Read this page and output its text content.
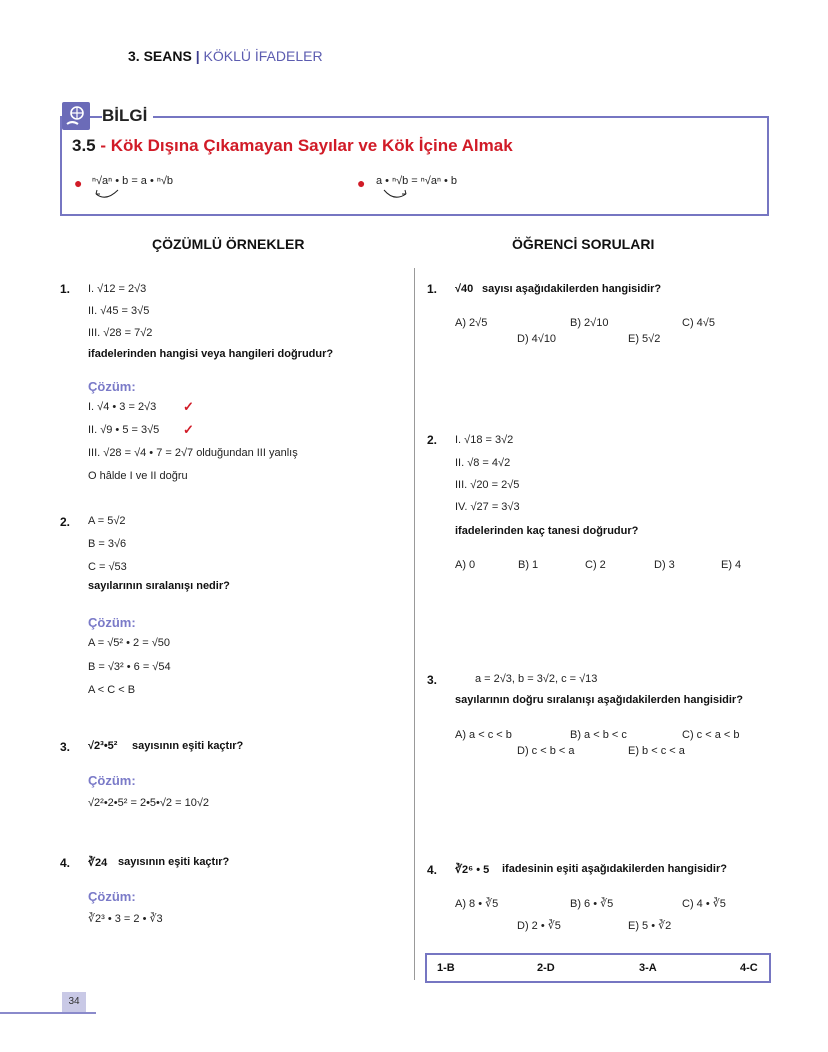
3. SEANS | KÖKLÜ İFADELER
BİLGİ
3.5 - Kök Dışına Çıkamayan Sayılar ve Kök İçine Almak
● ⁿ√aⁿ • b = a • ⁿ√b	● a • ⁿ√b = ⁿ√aⁿ • b
ÇÖZÜMLÜ ÖRNEKLER	ÖĞRENCİ SORULARI
1. I. √12 = 2√3
II. √45 = 3√5
III. √28 = 7√2
ifadelerinden hangisi veya hangileri doğrudur?
Çözüm:
I. √4 • 3 = 2√3 ✓
II. √9 • 5 = 3√5 ✓
III. √28 = √4 • 7 = 2√7 olduğundan III yanlış
O hâlde I ve II doğru
2. A = 5√2
B = 3√6
C = √53
sayılarının sıralanışı nedir?
Çözüm:
A = √5² • 2 = √50
B = √3² • 6 = √54
A < C < B
3. √2³•5² sayısının eşiti kaçtır?
Çözüm:
√2²•2•5² = 2•5•√2 = 10√2
4. ∛24 sayısının eşiti kaçtır?
Çözüm:
∛2³ • 3 = 2 • ∛3
1. √40 sayısı aşağıdakilerden hangisidir?
A) 2√5	B) 2√10	C) 4√5
D) 4√10	E) 5√2
2. I. √18 = 3√2
II. √8 = 4√2
III. √20 = 2√5
IV. √27 = 3√3
ifadelerinden kaç tanesi doğrudur?
A) 0	B) 1	C) 2	D) 3	E) 4
3.	a = 2√3, b = 3√2, c = √13
sayılarının doğru sıralanışı aşağıdakilerden hangisidir?
A) a < c < b	B) a < b < c	C) c < a < b
D) c < b < a	E) b < c < a
4. ∛2⁶ • 5 ifadesinin eşiti aşağıdakilerden hangisidir?
A) 8 • ∛5	B) 6 • ∛5	C) 4 • ∛5
D) 2 • ∛5	E) 5 • ∛2
1-B	2-D	3-A	4-C
34
